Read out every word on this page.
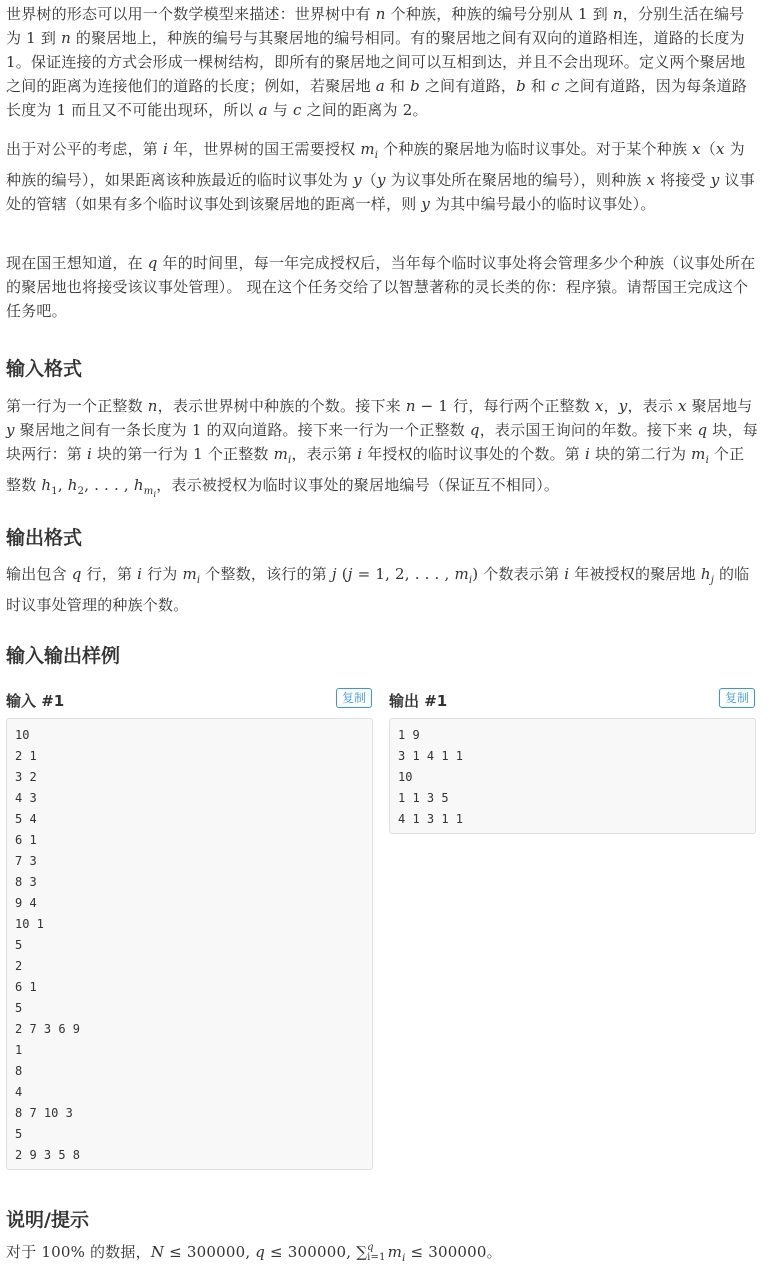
世界树的形态可以用一个数学模型来描述：世界树中有 n 个种族，种族的编号分别从 1 到 n，分别生活在编号为 1 到 n 的聚居地上，种族的编号与其聚居地的编号相同。有的聚居地之间有双向的道路相连，道路的长度为 1。保证连接的方式会形成一棵树结构，即所有的聚居地之间可以互相到达，并且不会出现环。定义两个聚居地之间的距离为连接他们的道路的长度；例如，若聚居地 a 和 b 之间有道路，b 和 c 之间有道路，因为每条道路长度为 1 而且又不可能出现环，所以 a 与 c 之间的距离为 2。

出于对公平的考虑，第 i 年，世界树的国王需要授权 $m_i$ 个种族的聚居地为临时议事处。对于某个种族 x（x 为种族的编号），如果距离该种族最近的临时议事处为 y（y 为议事处所在聚居地的编号），则种族 x 将接受 y 议事处的管辖（如果有多个临时议事处到该聚居地的距离一样，则 y 为其中编号最小的临时议事处）。

现在国王想知道，在 q 年的时间里，每一年完成授权后，当年每个临时议事处将会管理多少个种族（议事处所在的聚居地也将接受该议事处管理）。 现在这个任务交给了以智慧著称的灵长类的你：程序猿。请帮国王完成这个任务吧。

输入格式

第一行为一个正整数 n，表示世界树中种族的个数。接下来 n − 1 行，每行两个正整数 x，y，表示 x 聚居地与 y 聚居地之间有一条长度为 1 的双向道路。接下来一行为一个正整数 q，表示国王询问的年数。接下来 q 块，每块两行：第 i 块的第一行为 1 个正整数 $m_i$，表示第 i 年授权的临时议事处的个数。第 i 块的第二行为 $m_i$ 个正整数 $h_1$, $h_2$, . . . , $h_{m_i}$，表示被授权为临时议事处的聚居地编号（保证互不相同）。

输出格式

输出包含 q 行，第 i 行为 $m_i$ 个整数，该行的第 j (j = 1, 2, . . . , $m_i$) 个数表示第 i 年被授权的聚居地 $h_j$ 的临时议事处管理的种族个数。

输入输出样例
输入 #1	复制
10
2 1
3 2
4 3
5 4
6 1
7 3
8 3
9 4
10 1
5
2
6 1
5
2 7 3 6 9
1
8
4
8 7 10 3
5
2 9 3 5 8
输出 #1	复制
1 9
3 1 4 1 1
10
1 1 3 5
4 1 3 1 1
说明/提示

对于 100% 的数据，N ≤ 300000, q ≤ 300000, ∑ q
i=1 $m_i \le 300000$。
